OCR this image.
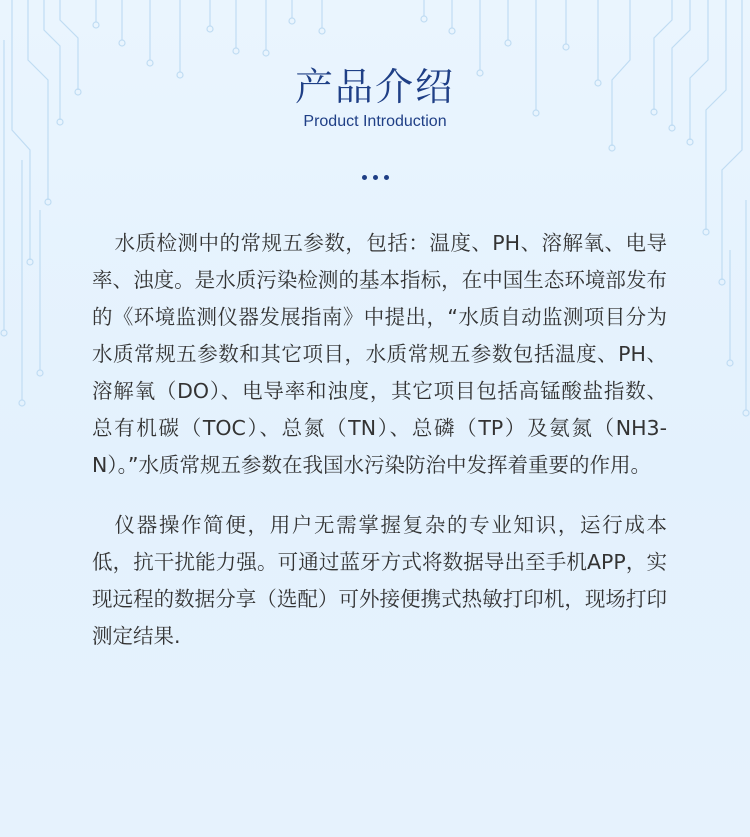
产品介绍
Product Introduction

水质检测中的常规五参数，包括：温度、PH、溶解氧、电导率、浊度。是水质污染检测的基本指标，在中国生态环境部发布的《环境监测仪器发展指南》中提出，“水质自动监测项目分为水质常规五参数和其它项目，水质常规五参数包括温度、PH、溶解氧（DO）、电导率和浊度，其它项目包括高锰酸盐指数、总有机碳（TOC）、总氮（TN）、总磷（TP）及氨氮（NH3-N）。”水质常规五参数在我国水污染防治中发挥着重要的作用。

仪器操作简便，用户无需掌握复杂的专业知识，运行成本低，抗干扰能力强。可通过蓝牙方式将数据导出至手机APP，实现远程的数据分享（选配）可外接便携式热敏打印机，现场打印测定结果.
